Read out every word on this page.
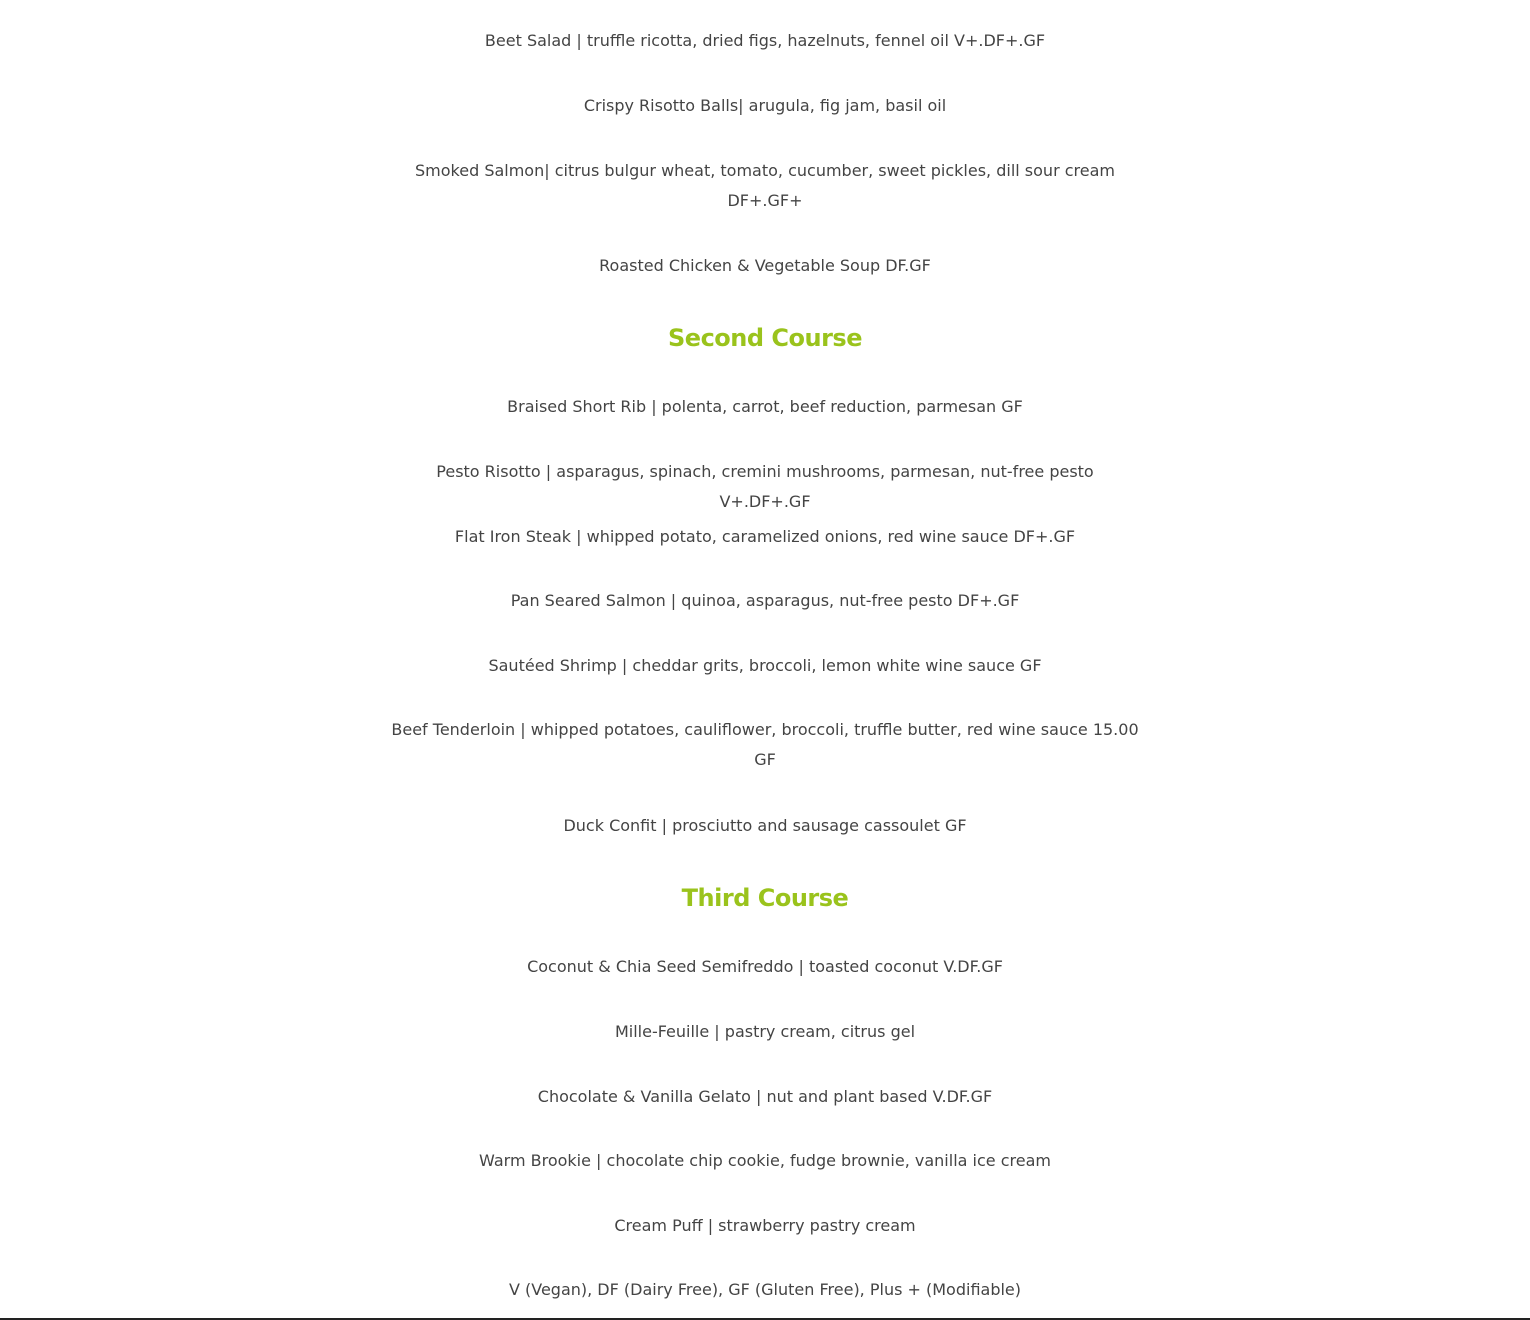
Beet Salad | truffle ricotta, dried figs, hazelnuts, fennel oil V+.DF+.GF

Crispy Risotto Balls| arugula, fig jam, basil oil

Smoked Salmon| citrus bulgur wheat, tomato, cucumber, sweet pickles, dill sour cream DF+.GF+

Roasted Chicken & Vegetable Soup DF.GF

Second Course

Braised Short Rib | polenta, carrot, beef reduction, parmesan GF

Pesto Risotto | asparagus, spinach, cremini mushrooms, parmesan, nut-free pesto V+.DF+.GF

Flat Iron Steak | whipped potato, caramelized onions, red wine sauce DF+.GF

Pan Seared Salmon | quinoa, asparagus, nut-free pesto DF+.GF

Sautéed Shrimp | cheddar grits, broccoli, lemon white wine sauce GF

Beef Tenderloin | whipped potatoes, cauliflower, broccoli, truffle butter, red wine sauce 15.00 GF

Duck Confit | prosciutto and sausage cassoulet GF

Third Course

Coconut & Chia Seed Semifreddo | toasted coconut V.DF.GF

Mille-Feuille | pastry cream, citrus gel

Chocolate & Vanilla Gelato | nut and plant based V.DF.GF

Warm Brookie | chocolate chip cookie, fudge brownie, vanilla ice cream

Cream Puff | strawberry pastry cream

V (Vegan), DF (Dairy Free), GF (Gluten Free), Plus + (Modifiable)
